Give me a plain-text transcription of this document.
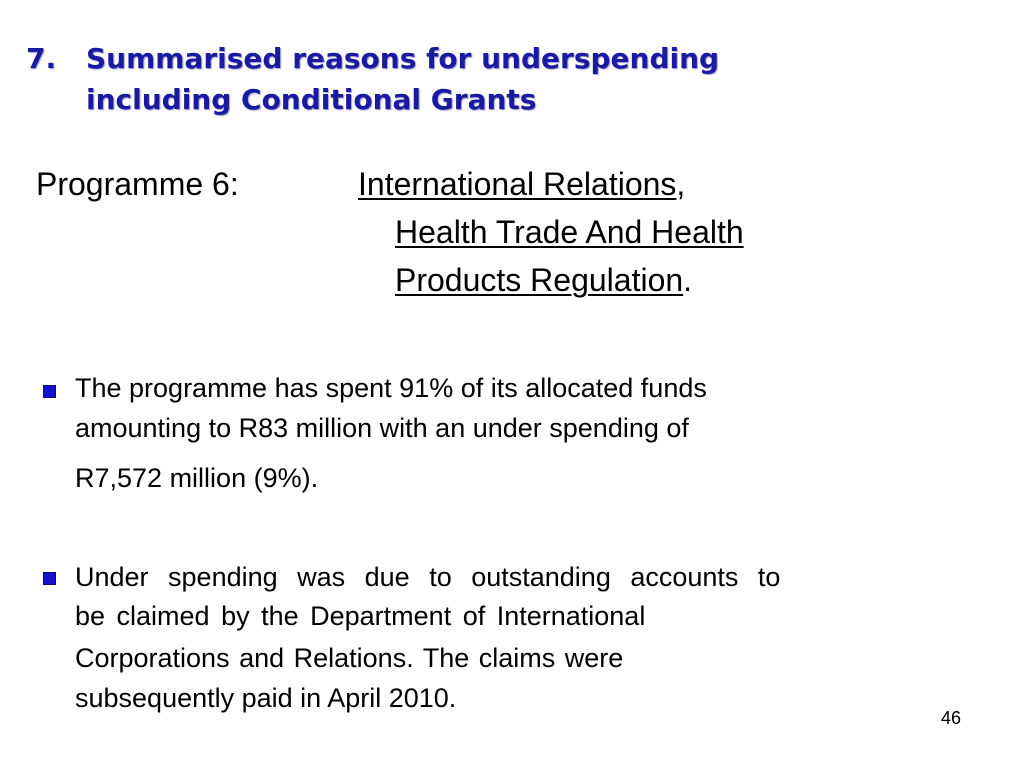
7.	Summarised reasons for underspending
including Conditional Grants
Programme 6:	International Relations,
Health Trade And Health
Products Regulation.
The programme has spent 91% of its allocated funds
amounting to R83 million with an under spending of
R7,572 million (9%).
Under spending was due to outstanding accounts to
be claimed by the Department of International
Corporations and Relations. The claims were
subsequently paid in April 2010.
46
